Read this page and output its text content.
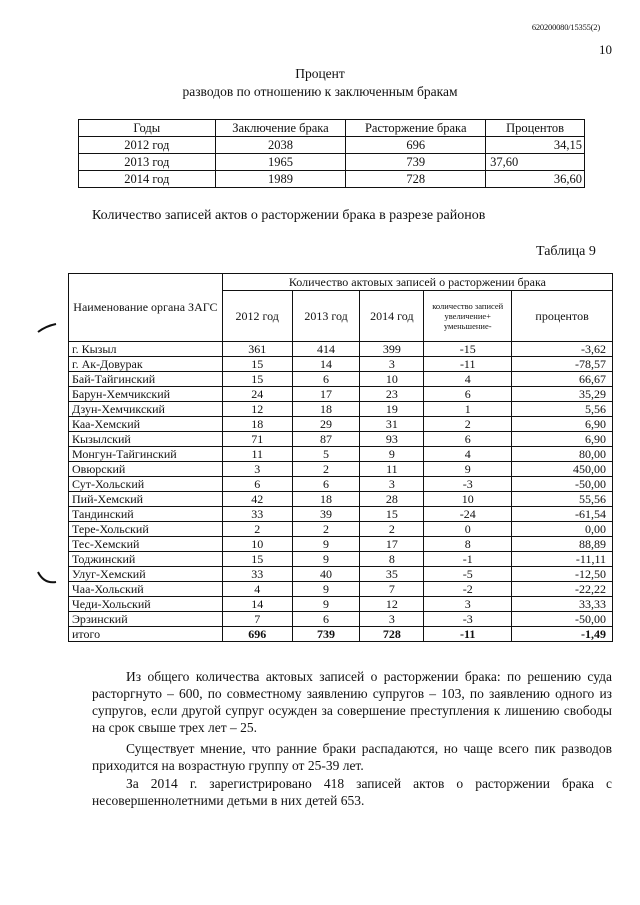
620200080/15355(2)
10
Процент
разводов по отношению к заключенным бракам
Годы	Заключение брака	Расторжение брака	Процентов
2012 год	2038	696	34,15
2013 год	1965	739	37,60
2014 год	1989	728	36,60
Количество записей актов о расторжении брака в разрезе районов
Таблица 9
Наименование органа ЗАГС	Количество актовых записей о расторжении брака				
	2012 год	2013 год	2014 год	количество записей увеличение+ уменьшение-	процентов
г. Кызыл	361	414	399	-15	-3,62
г. Ак-Довурак	15	14	3	-11	-78,57
Бай-Тайгинский	15	6	10	4	66,67
Барун-Хемчикский	24	17	23	6	35,29
Дзун-Хемчикский	12	18	19	1	5,56
Каа-Хемский	18	29	31	2	6,90
Кызылский	71	87	93	6	6,90
Монгун-Тайгинский	11	5	9	4	80,00
Овюрский	3	2	11	9	450,00
Сут-Хольский	6	6	3	-3	-50,00
Пий-Хемский	42	18	28	10	55,56
Тандинский	33	39	15	-24	-61,54
Тере-Хольский	2	2	2	0	0,00
Тес-Хемский	10	9	17	8	88,89
Тоджинский	15	9	8	-1	-11,11
Улуг-Хемский	33	40	35	-5	-12,50
Чаа-Хольский	4	9	7	-2	-22,22
Чеди-Хольский	14	9	12	3	33,33
Эрзинский	7	6	3	-3	-50,00
итого	696	739	728	-11	-1,49
Из общего количества актовых записей о расторжении брака: по решению суда расторгнуто – 600, по совместному заявлению супругов – 103, по заявлению одного из супругов, если другой супруг осужден за совершение преступления к лишению свободы на срок свыше трех лет – 25.
Существует мнение, что ранние браки распадаются, но чаще всего пик разводов приходится на возрастную группу от 25-39 лет.
За 2014 г. зарегистрировано 418 записей актов о расторжении брака с несовершеннолетними детьми в них детей 653.
